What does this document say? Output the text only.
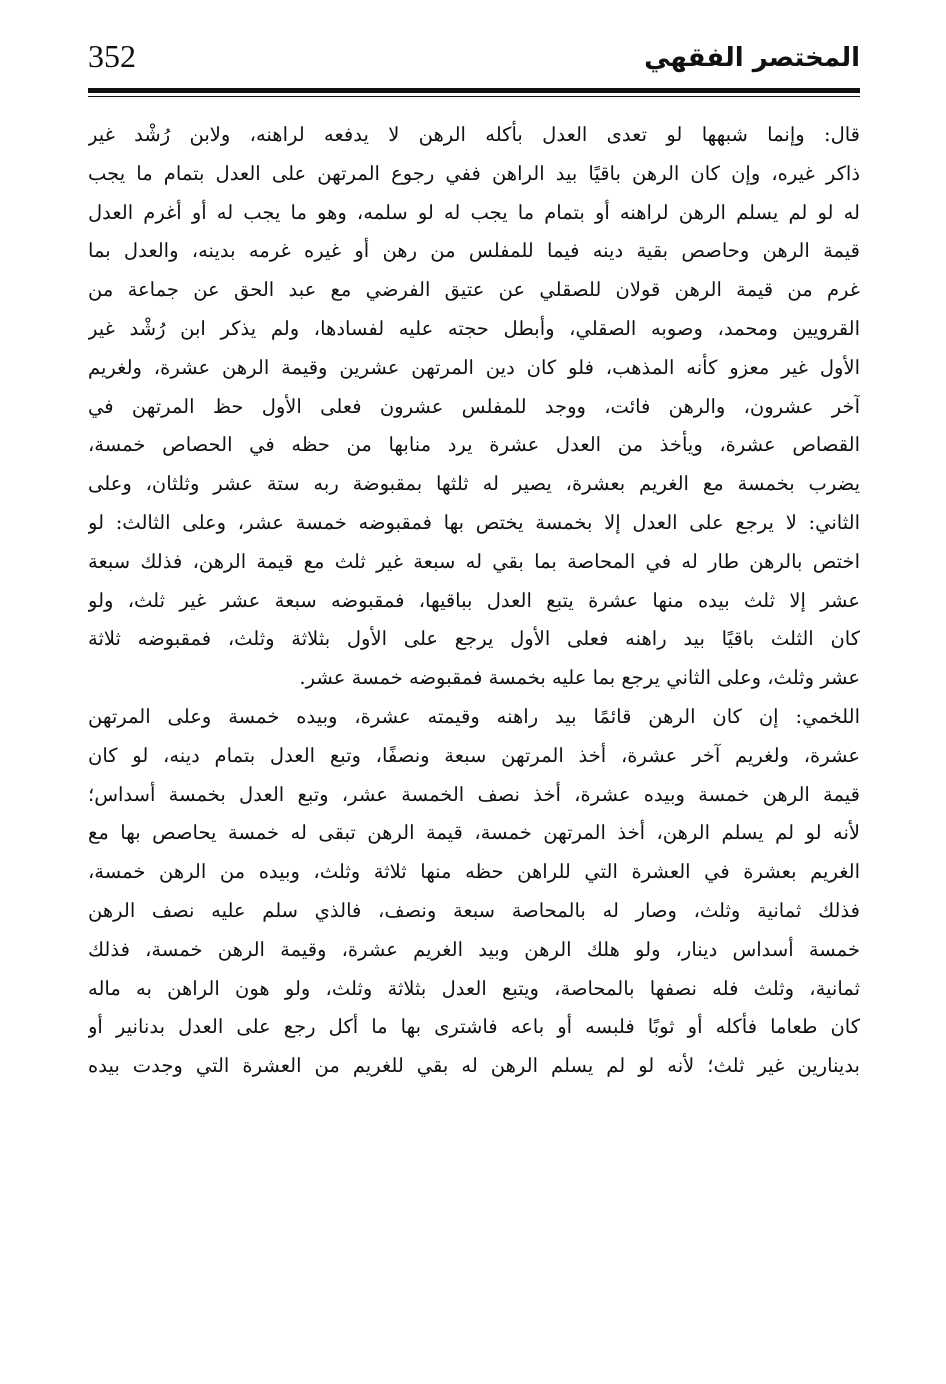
352	المختصر الفقهي
قال: وإنما شبهها لو تعدى العدل بأكله الرهن لا يدفعه لراهنه، ولابن رُشْد غير
ذاكر غيره، وإن كان الرهن باقيًا بيد الراهن ففي رجوع المرتهن على العدل بتمام ما يجب
له لو لم يسلم الرهن لراهنه أو بتمام ما يجب له لو سلمه، وهو ما يجب له أو أغرم العدل
قيمة الرهن وحاصص بقية دينه فيما للمفلس من رهن أو غيره غرمه بدينه، والعدل بما
غرم من قيمة الرهن قولان للصقلي عن عتيق الفرضي مع عبد الحق عن جماعة من
القرويين ومحمد، وصوبه الصقلي، وأبطل حجته عليه لفسادها، ولم يذكر ابن رُشْد غير
الأول غير معزو كأنه المذهب، فلو كان دين المرتهن عشرين وقيمة الرهن عشرة، ولغريم
آخر عشرون، والرهن فائت، ووجد للمفلس عشرون فعلى الأول حظ المرتهن في
القصاص عشرة، ويأخذ من العدل عشرة يرد منابها من حظه في الحصاص خمسة،
يضرب بخمسة مع الغريم بعشرة، يصير له ثلثها بمقبوضة ربه ستة عشر وثلثان، وعلى
الثاني: لا يرجع على العدل إلا بخمسة يختص بها فمقبوضه خمسة عشر، وعلى الثالث: لو
اختص بالرهن طار له في المحاصة بما بقي له سبعة غير ثلث مع قيمة الرهن، فذلك سبعة
عشر إلا ثلث بيده منها عشرة يتبع العدل بباقيها، فمقبوضه سبعة عشر غير ثلث، ولو
كان الثلث باقيًا بيد راهنه فعلى الأول يرجع على الأول بثلاثة وثلث، فمقبوضه ثلاثة
عشر وثلث، وعلى الثاني يرجع بما عليه بخمسة فمقبوضه خمسة عشر.
اللخمي: إن كان الرهن قائمًا بيد راهنه وقيمته عشرة، وبيده خمسة وعلى المرتهن
عشرة، ولغريم آخر عشرة، أخذ المرتهن سبعة ونصفًا، وتبع العدل بتمام دينه، لو كان
قيمة الرهن خمسة وبيده عشرة، أخذ نصف الخمسة عشر، وتبع العدل بخمسة أسداس؛
لأنه لو لم يسلم الرهن، أخذ المرتهن خمسة، قيمة الرهن تبقى له خمسة يحاصص بها مع
الغريم بعشرة في العشرة التي للراهن حظه منها ثلاثة وثلث، وبيده من الرهن خمسة،
فذلك ثمانية وثلث، وصار له بالمحاصة سبعة ونصف، فالذي سلم عليه نصف الرهن
خمسة أسداس دينار، ولو هلك الرهن وبيد الغريم عشرة، وقيمة الرهن خمسة، فذلك
ثمانية، وثلث فله نصفها بالمحاصة، ويتبع العدل بثلاثة وثلث، ولو هون الراهن به ماله
كان طعاما فأكله أو ثوبًا فلبسه أو باعه فاشترى بها ما أكل رجع على العدل بدنانير أو
بدينارين غير ثلث؛ لأنه لو لم يسلم الرهن له بقي للغريم من العشرة التي وجدت بيده
